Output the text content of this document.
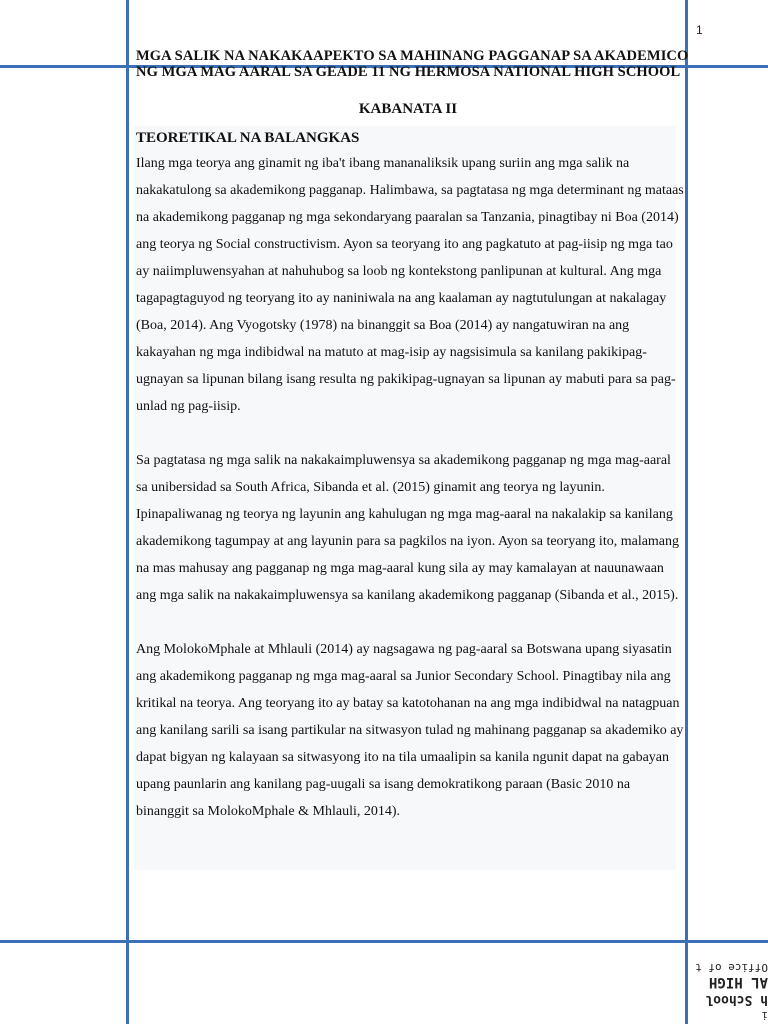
1
MGA SALIK NA NAKAKAAPEKTO SA MAHINANG PAGGANAP SA AKADEMICO NG MGA MAG AARAL SA GEADE 11 NG HERMOSA NATIONAL HIGH SCHOOL
KABANATA II
TEORETIKAL NA BALANGKAS

Ilang mga teorya ang ginamit ng iba't ibang mananaliksik upang suriin ang mga salik na nakakatulong sa akademikong pagganap. Halimbawa, sa pagtatasa ng mga determinant ng mataas na akademikong pagganap ng mga sekondaryang paaralan sa Tanzania, pinagtibay ni Boa (2014) ang teorya ng Social constructivism. Ayon sa teoryang ito ang pagkatuto at pag-iisip ng mga tao ay naiimpluwensyahan at nahuhubog sa loob ng kontekstong panlipunan at kultural. Ang mga tagapagtaguyod ng teoryang ito ay naniniwala na ang kaalaman ay nagtutulungan at nakalagay (Boa, 2014). Ang Vyogotsky (1978) na binanggit sa Boa (2014) ay nangatuwiran na ang kakayahan ng mga indibidwal na matuto at mag-isip ay nagsisimula sa kanilang pakikipag-ugnayan sa lipunan bilang isang resulta ng pakikipag-ugnayan sa lipunan ay mabuti para sa pag-unlad ng pag-iisip.

Sa pagtatasa ng mga salik na nakakaimpluwensya sa akademikong pagganap ng mga mag-aaral sa unibersidad sa South Africa, Sibanda et al. (2015) ginamit ang teorya ng layunin. Ipinapaliwanag ng teorya ng layunin ang kahulugan ng mga mag-aaral na nakalakip sa kanilang akademikong tagumpay at ang layunin para sa pagkilos na iyon. Ayon sa teoryang ito, malamang na mas mahusay ang pagganap ng mga mag-aaral kung sila ay may kamalayan at nauunawaan ang mga salik na nakakaimpluwensya sa kanilang akademikong pagganap (Sibanda et al., 2015).

Ang MolokoMphale at Mhlauli (2014) ay nagsagawa ng pag-aaral sa Botswana upang siyasatin ang akademikong pagganap ng mga mag-aaral sa Junior Secondary School. Pinagtibay nila ang kritikal na teorya. Ang teoryang ito ay batay sa katotohanan na ang mga indibidwal na natagpuan ang kanilang sarili sa isang partikular na sitwasyon tulad ng mahinang pagganap sa akademiko ay dapat bigyan ng kalayaan sa sitwasyong ito na tila umaalipin sa kanila ngunit dapat na gabayan upang paunlarin ang kanilang pag-uugali sa isang demokratikong paraan (Basic 2010 na binanggit sa MolokoMphale & Mhlauli, 2014).

i
h School
AL HIGH
Office of t
